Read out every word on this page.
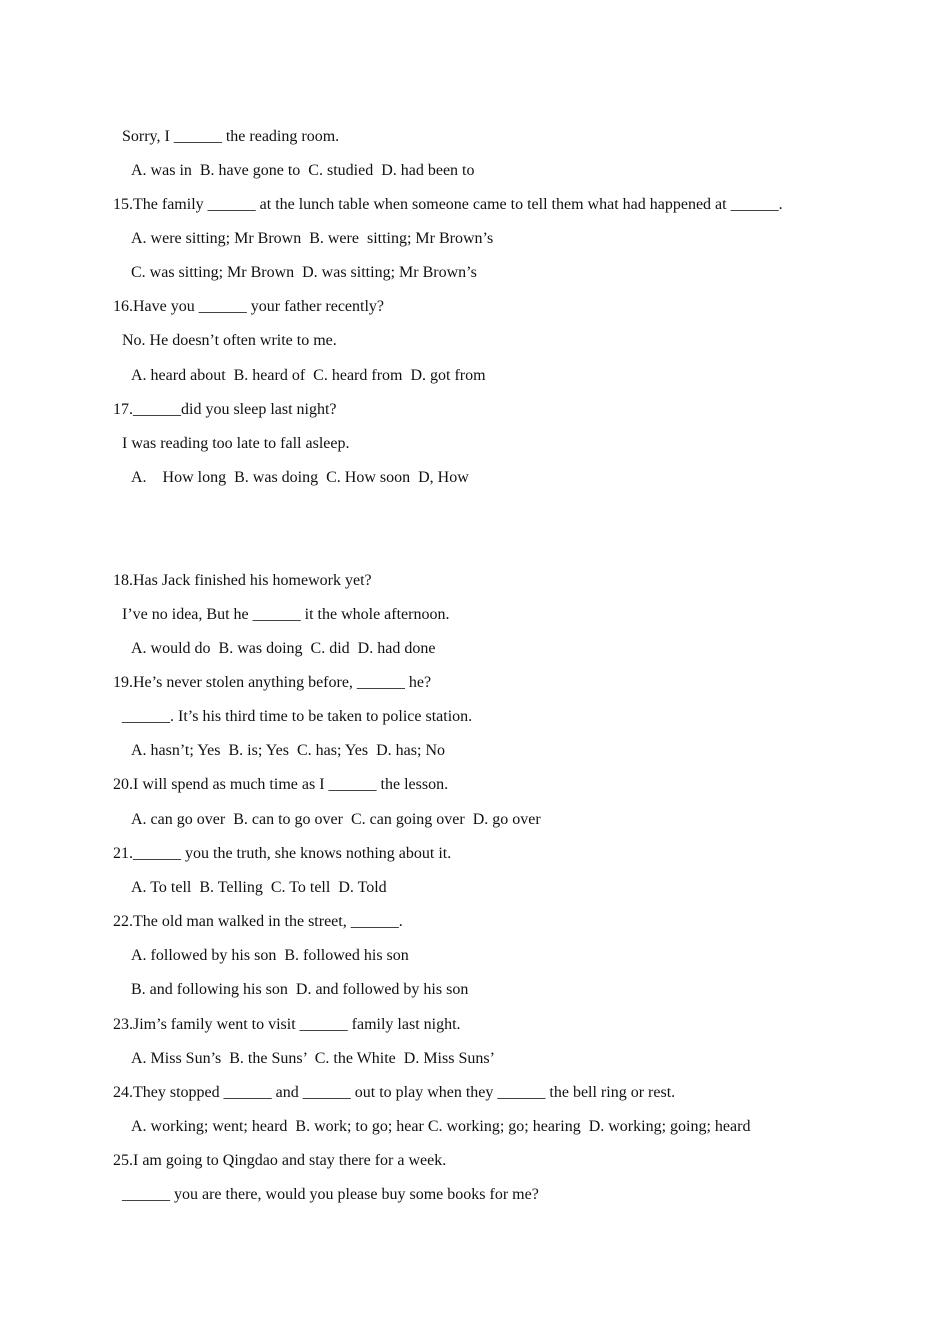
Sorry, I ______ the reading room.
A. was in  B. have gone to  C. studied  D. had been to
15.The family ______ at the lunch table when someone came to tell them what had happened at ______.
A. were sitting; Mr Brown  B. were  sitting; Mr Brown’s
C. was sitting; Mr Brown  D. was sitting; Mr Brown’s
16.Have you ______ your father recently?
No. He doesn’t often write to me.
A. heard about  B. heard of  C. heard from  D. got from
17.______did you sleep last night?
I was reading too late to fall asleep.
A.    How long  B. was doing  C. How soon  D, How
18.Has Jack finished his homework yet?
I’ve no idea, But he ______ it the whole afternoon.
A. would do  B. was doing  C. did  D. had done
19.He’s never stolen anything before, ______ he?
______. It’s his third time to be taken to police station.
A. hasn’t; Yes  B. is; Yes  C. has; Yes  D. has; No
20.I will spend as much time as I ______ the lesson.
A. can go over  B. can to go over  C. can going over  D. go over
21.______ you the truth, she knows nothing about it.
A. To tell  B. Telling  C. To tell  D. Told
22.The old man walked in the street, ______.
A. followed by his son  B. followed his son
B. and following his son  D. and followed by his son
23.Jim’s family went to visit ______ family last night.
A. Miss Sun’s  B. the Suns’  C. the White  D. Miss Suns’
24.They stopped ______ and ______ out to play when they ______ the bell ring or rest.
A. working; went; heard  B. work; to go; hear C. working; go; hearing  D. working; going; heard
25.I am going to Qingdao and stay there for a week.
______ you are there, would you please buy some books for me?
